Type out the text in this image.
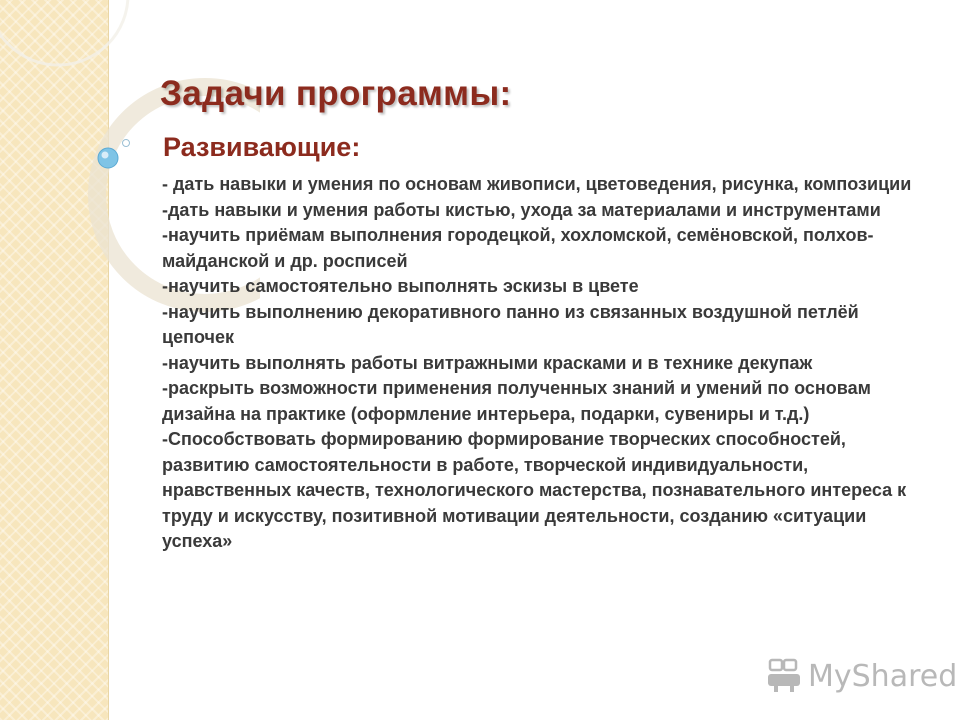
Задачи программы:
Развивающие:
- дать навыки и умения по основам живописи, цветоведения, рисунка, композиции
-дать навыки и умения работы кистью, ухода за материалами и инструментами
-научить приёмам выполнения городецкой, хохломской, семёновской, полхов-майданской и др. росписей
-научить самостоятельно выполнять эскизы в цвете
-научить выполнению декоративного панно из связанных воздушной петлёй цепочек
-научить выполнять работы витражными красками и в технике декупаж
-раскрыть возможности применения полученных знаний и умений по основам дизайна на практике (оформление интерьера, подарки, сувениры и т.д.)
-Способствовать формированию формирование творческих способностей, развитию самостоятельности в работе, творческой индивидуальности, нравственных качеств, технологического мастерства, познавательного интереса к труду и искусству, позитивной мотивации деятельности, созданию «ситуации успеха»
MyShared
